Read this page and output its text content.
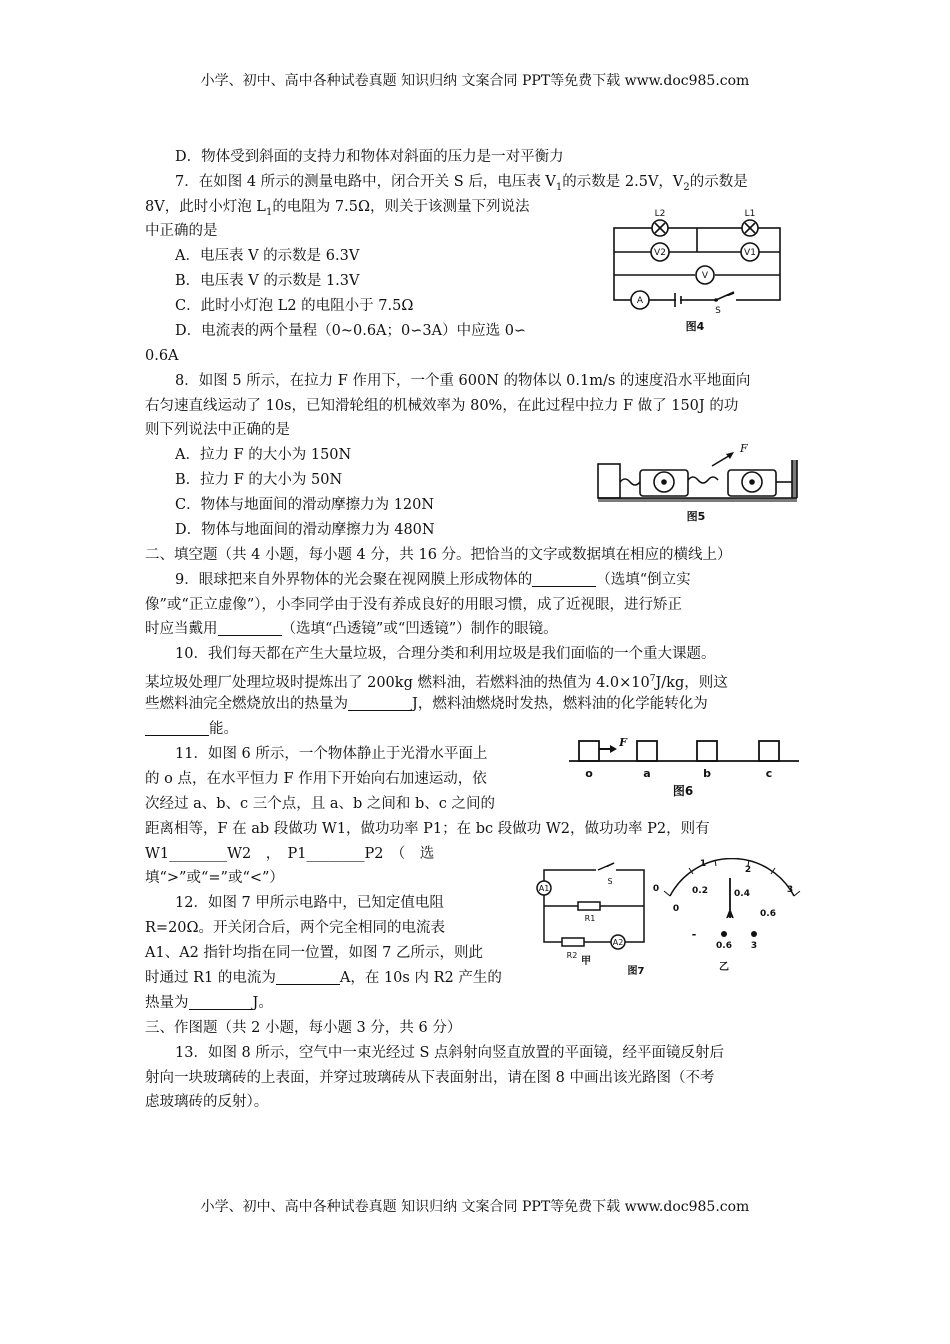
小学、初中、高中各种试卷真题 知识归纳 文案合同 PPT等免费下载 www.doc985.com
D．物体受到斜面的支持力和物体对斜面的压力是一对平衡力
7．在如图 4 所示的测量电路中，闭合开关 S 后，电压表 $V_1$的示数是 2.5V，$V_2$的示数是
8V，此时小灯泡 $L_1$的电阻为 7.5Ω，则关于该测量下列说法
中正确的是
A．电压表 V 的示数是 6.3V
B．电压表 V 的示数是 1.3V
C．此时小灯泡 L2 的电阻小于 7.5Ω
D．电流表的两个量程（0~0.6A；0∽3A）中应选 0∽
0.6A
8．如图 5 所示，在拉力 F 作用下，一个重 600N 的物体以 0.1m/s 的速度沿水平地面向
右匀速直线运动了 10s，已知滑轮组的机械效率为 80%，在此过程中拉力 F 做了 150J 的功
则下列说法中正确的是
A．拉力 F 的大小为 150N
B．拉力 F 的大小为 50N
C．物体与地面间的滑动摩擦力为 120N
D．物体与地面间的滑动摩擦力为 480N
二、填空题（共 4 小题，每小题 4 分，共 16 分。把恰当的文字或数据填在相应的横线上）
9．眼球把来自外界物体的光会聚在视网膜上形成物体的	（选填“倒立实
像”或“正立虚像”），小李同学由于没有养成良好的用眼习惯，成了近视眼，进行矫正
时应当戴用	（选填“凸透镜”或“凹透镜”）制作的眼镜。
10．我们每天都在产生大量垃圾，合理分类和利用垃圾是我们面临的一个重大课题。
某垃圾处理厂处理垃圾时提炼出了 200kg 燃料油，若燃料油的热值为 $4.0\times 10^7J/kg$，则这
些燃料油完全燃烧放出的热量为	J，燃料油燃烧时发热，燃料油的化学能转化为
能。
11．如图 6 所示，一个物体静止于光滑水平面上
的 o 点，在水平恒力 F 作用下开始向右加速运动，依
次经过 a、b、c 三个点，且 a、b 之间和 b、c 之间的
距离相等，F 在 ab 段做功 W1，做功功率 P1；在 bc 段做功 W2，做功功率 P2，则有
W1________W2　，　P1________P2　（　选
填“>”或“=”或“<”）
12．如图 7 甲所示电路中，已知定值电阻
R=20Ω。开关闭合后，两个完全相同的电流表
A1、A2 指针均指在同一位置，如图 7 乙所示，则此
时通过 R1 的电流为	A，在 10s 内 R2 产生的
热量为	J。
三、作图题（共 2 小题，每小题 3 分，共 6 分）
13．如图 8 所示，空气中一束光经过 S 点斜射向竖直放置的平面镜，经平面镜反射后
射向一块玻璃砖的上表面，并穿过玻璃砖从下表面射出，请在图 8 中画出该光路图（不考
虑玻璃砖的反射）。
小学、初中、高中各种试卷真题 知识归纳 文案合同 PPT等免费下载 www.doc985.com
L2	L1
V2	V1
V
A
S
图4
F
图5
F
o	a	b	c
图6
A1
S
R1
R2
A2
甲
图7
0
1
2
3
0
0.2	0.4
0.6
A
-
0.6 3
乙
